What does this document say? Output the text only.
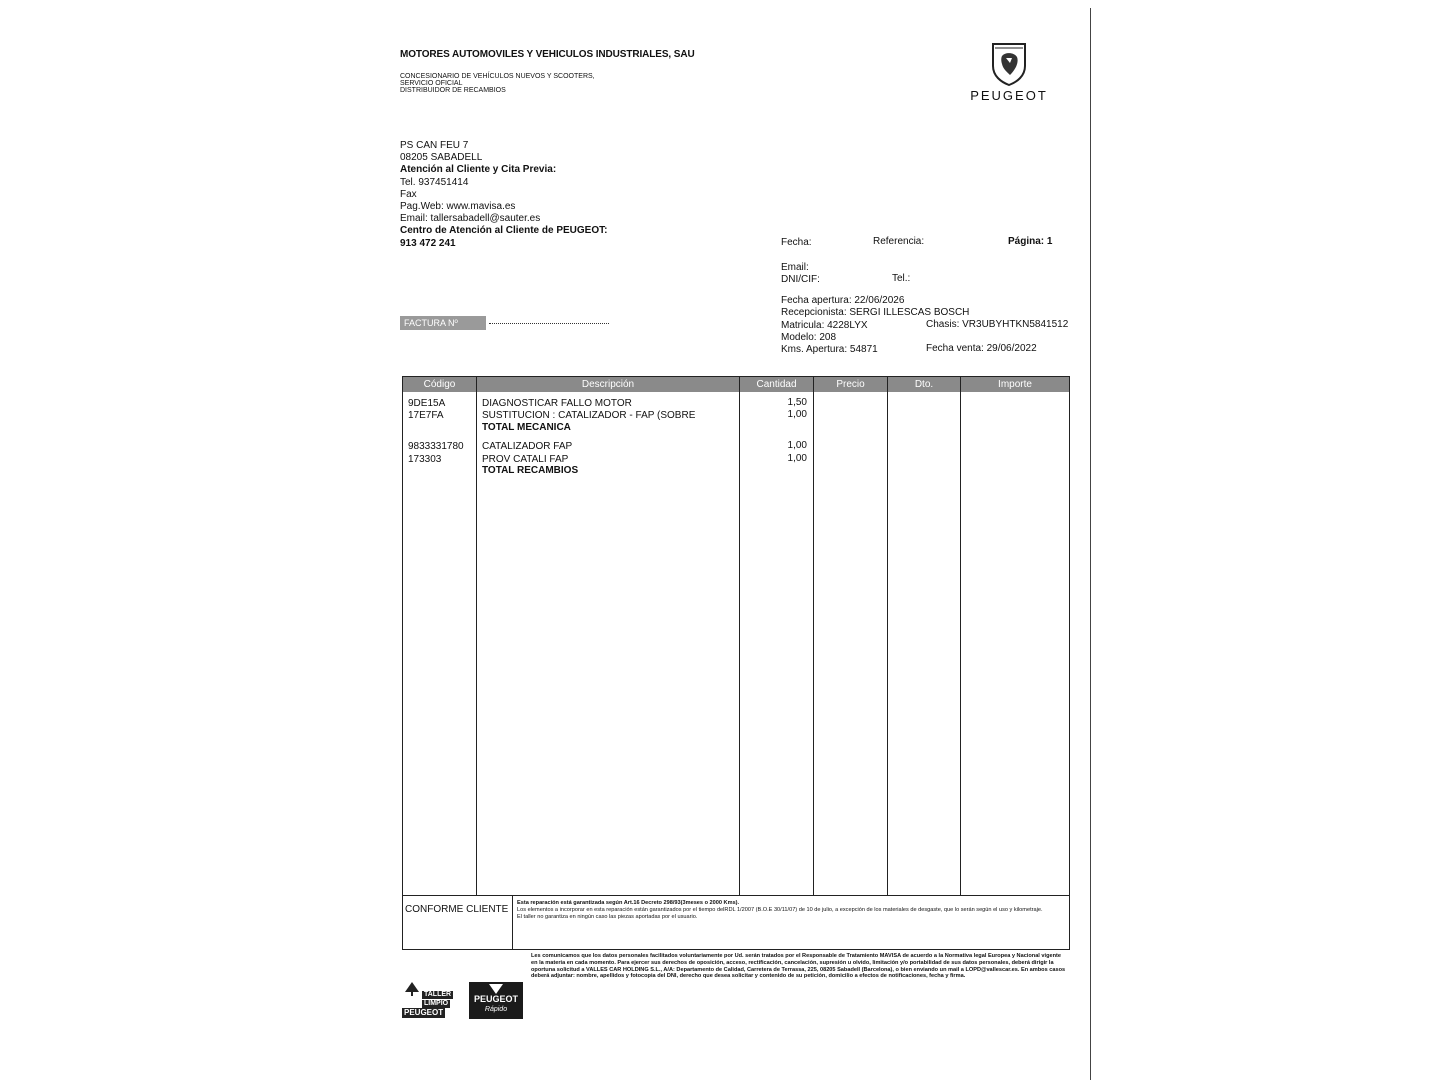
MOTORES AUTOMOVILES Y VEHICULOS INDUSTRIALES, SAU
CONCESIONARIO DE VEHÍCULOS NUEVOS Y SCOOTERS,
SERVICIO OFICIAL
DISTRIBUIDOR DE RECAMBIOS	PEUGEOT
PS CAN FEU 7
08205 SABADELL
Atención al Cliente y Cita Previa:
Tel. 937451414
Fax
Pag.Web: www.mavisa.es
Email: tallersabadell@sauter.es
Centro de Atención al Cliente de PEUGEOT:
913 472 241	Fecha:	Referencia:	Página: 1
Email:
DNI/CIF:	Tel.:
Fecha apertura: 22/06/2026
Recepcionista: SERGI ILLESCAS BOSCH
Matricula: 4228LYX	Chasis: VR3UBYHTKN5841512
Modelo: 208
Kms. Apertura: 54871	Fecha venta: 29/06/2022
FACTURA Nº
Código	Descripción	Cantidad	Precio	Dto.	Importe
9DE15A	DIAGNOSTICAR FALLO MOTOR	1,50
17E7FA	SUSTITUCION : CATALIZADOR - FAP (SOBRE	1,00
TOTAL MECANICA
9833331780 CATALIZADOR FAP	1,00
173303	PROV CATALI FAP	1,00
TOTAL RECAMBIOS
CONFORME CLIENTE
Esta reparación está garantizada según Art.16 Decreto 298/93(3meses o 2000 Kms).
Los elementos a incorporar en esta reparación están garantizados por el tiempo delRDL 1/2007 (B.O.E 30/11/07) de 10 de julio, a excepción de los materiales de desgaste, que lo serán según el uso y kilometraje.
El taller no garantiza en ningún caso las piezas aportadas por el usuario.
Les comunicamos que los datos personales facilitados voluntariamente por Ud. serán tratados por el Responsable de Tratamiento MAVISA de acuerdo a la Normativa legal Europea y Nacional vigente en la materia en cada momento. Para ejercer sus derechos de oposición, acceso, rectificación, cancelación, supresión u olvido, limitación y/o portabilidad de sus datos personales, deberá dirigir la oportuna solicitud a VALLES CAR HOLDING S.L., A/A: Departamento de Calidad, Carretera de Terrassa, 225, 08205 Sabadell (Barcelona), o bien enviando un mail a LOPD@vallescar.es. En ambos casos deberá adjuntar: nombre, apellidos y fotocopia del DNI, derecho que desea solicitar y contenido de su petición, domicilio a efectos de notificaciones, fecha y firma.
TALLER
LIMPIO
PEUGEOT
PEUGEOT
Rápido
